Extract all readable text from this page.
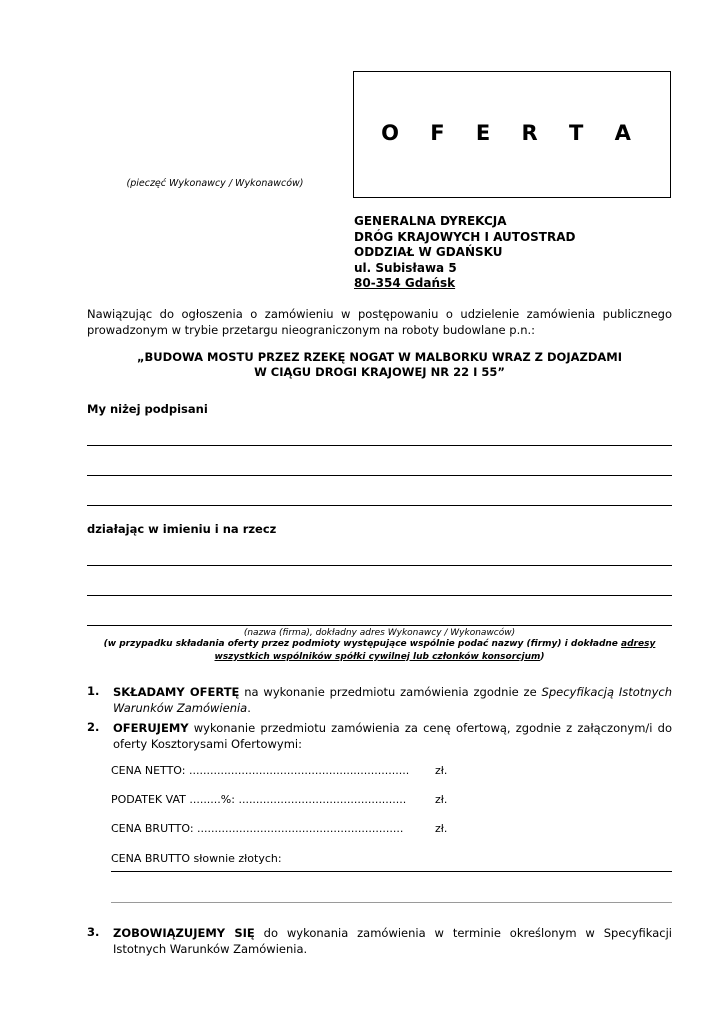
O F E R T A
(pieczęć Wykonawcy / Wykonawców)
GENERALNA DYREKCJA
DRÓG KRAJOWYCH I AUTOSTRAD
ODDZIAŁ W GDAŃSKU
ul. Subisława 5
80-354 Gdańsk
Nawiązując do ogłoszenia o zamówieniu w postępowaniu o udzielenie zamówienia publicznego
prowadzonym w trybie przetargu nieograniczonym na roboty budowlane p.n.:
„BUDOWA MOSTU PRZEZ RZEKĘ NOGAT W MALBORKU WRAZ Z DOJAZDAMI
W CIĄGU DROGI KRAJOWEJ NR 22 I 55”
My niżej podpisani
działając w imieniu i na rzecz
(nazwa (firma), dokładny adres Wykonawcy / Wykonawców)
(w przypadku składania oferty przez podmioty występujące wspólnie podać nazwy (firmy) i dokładne adresy
wszystkich wspólników spółki cywilnej lub członków konsorcjum)
1. SKŁADAMY OFERTĘ na wykonanie przedmiotu zamówienia zgodnie ze Specyfikacją Istotnych Warunków Zamówienia.
2. OFERUJEMY wykonanie przedmiotu zamówienia za cenę ofertową, zgodnie z załączonym/i do oferty Kosztorysami Ofertowymi:
CENA NETTO: ............................................................... zł.
PODATEK VAT .........%: ................................................	zł.
CENA BRUTTO: ...........................................................	zł.
CENA BRUTTO słownie złotych:
3. ZOBOWIĄZUJEMY SIĘ do wykonania zamówienia w terminie określonym w Specyfikacji Istotnych Warunków Zamówienia.
